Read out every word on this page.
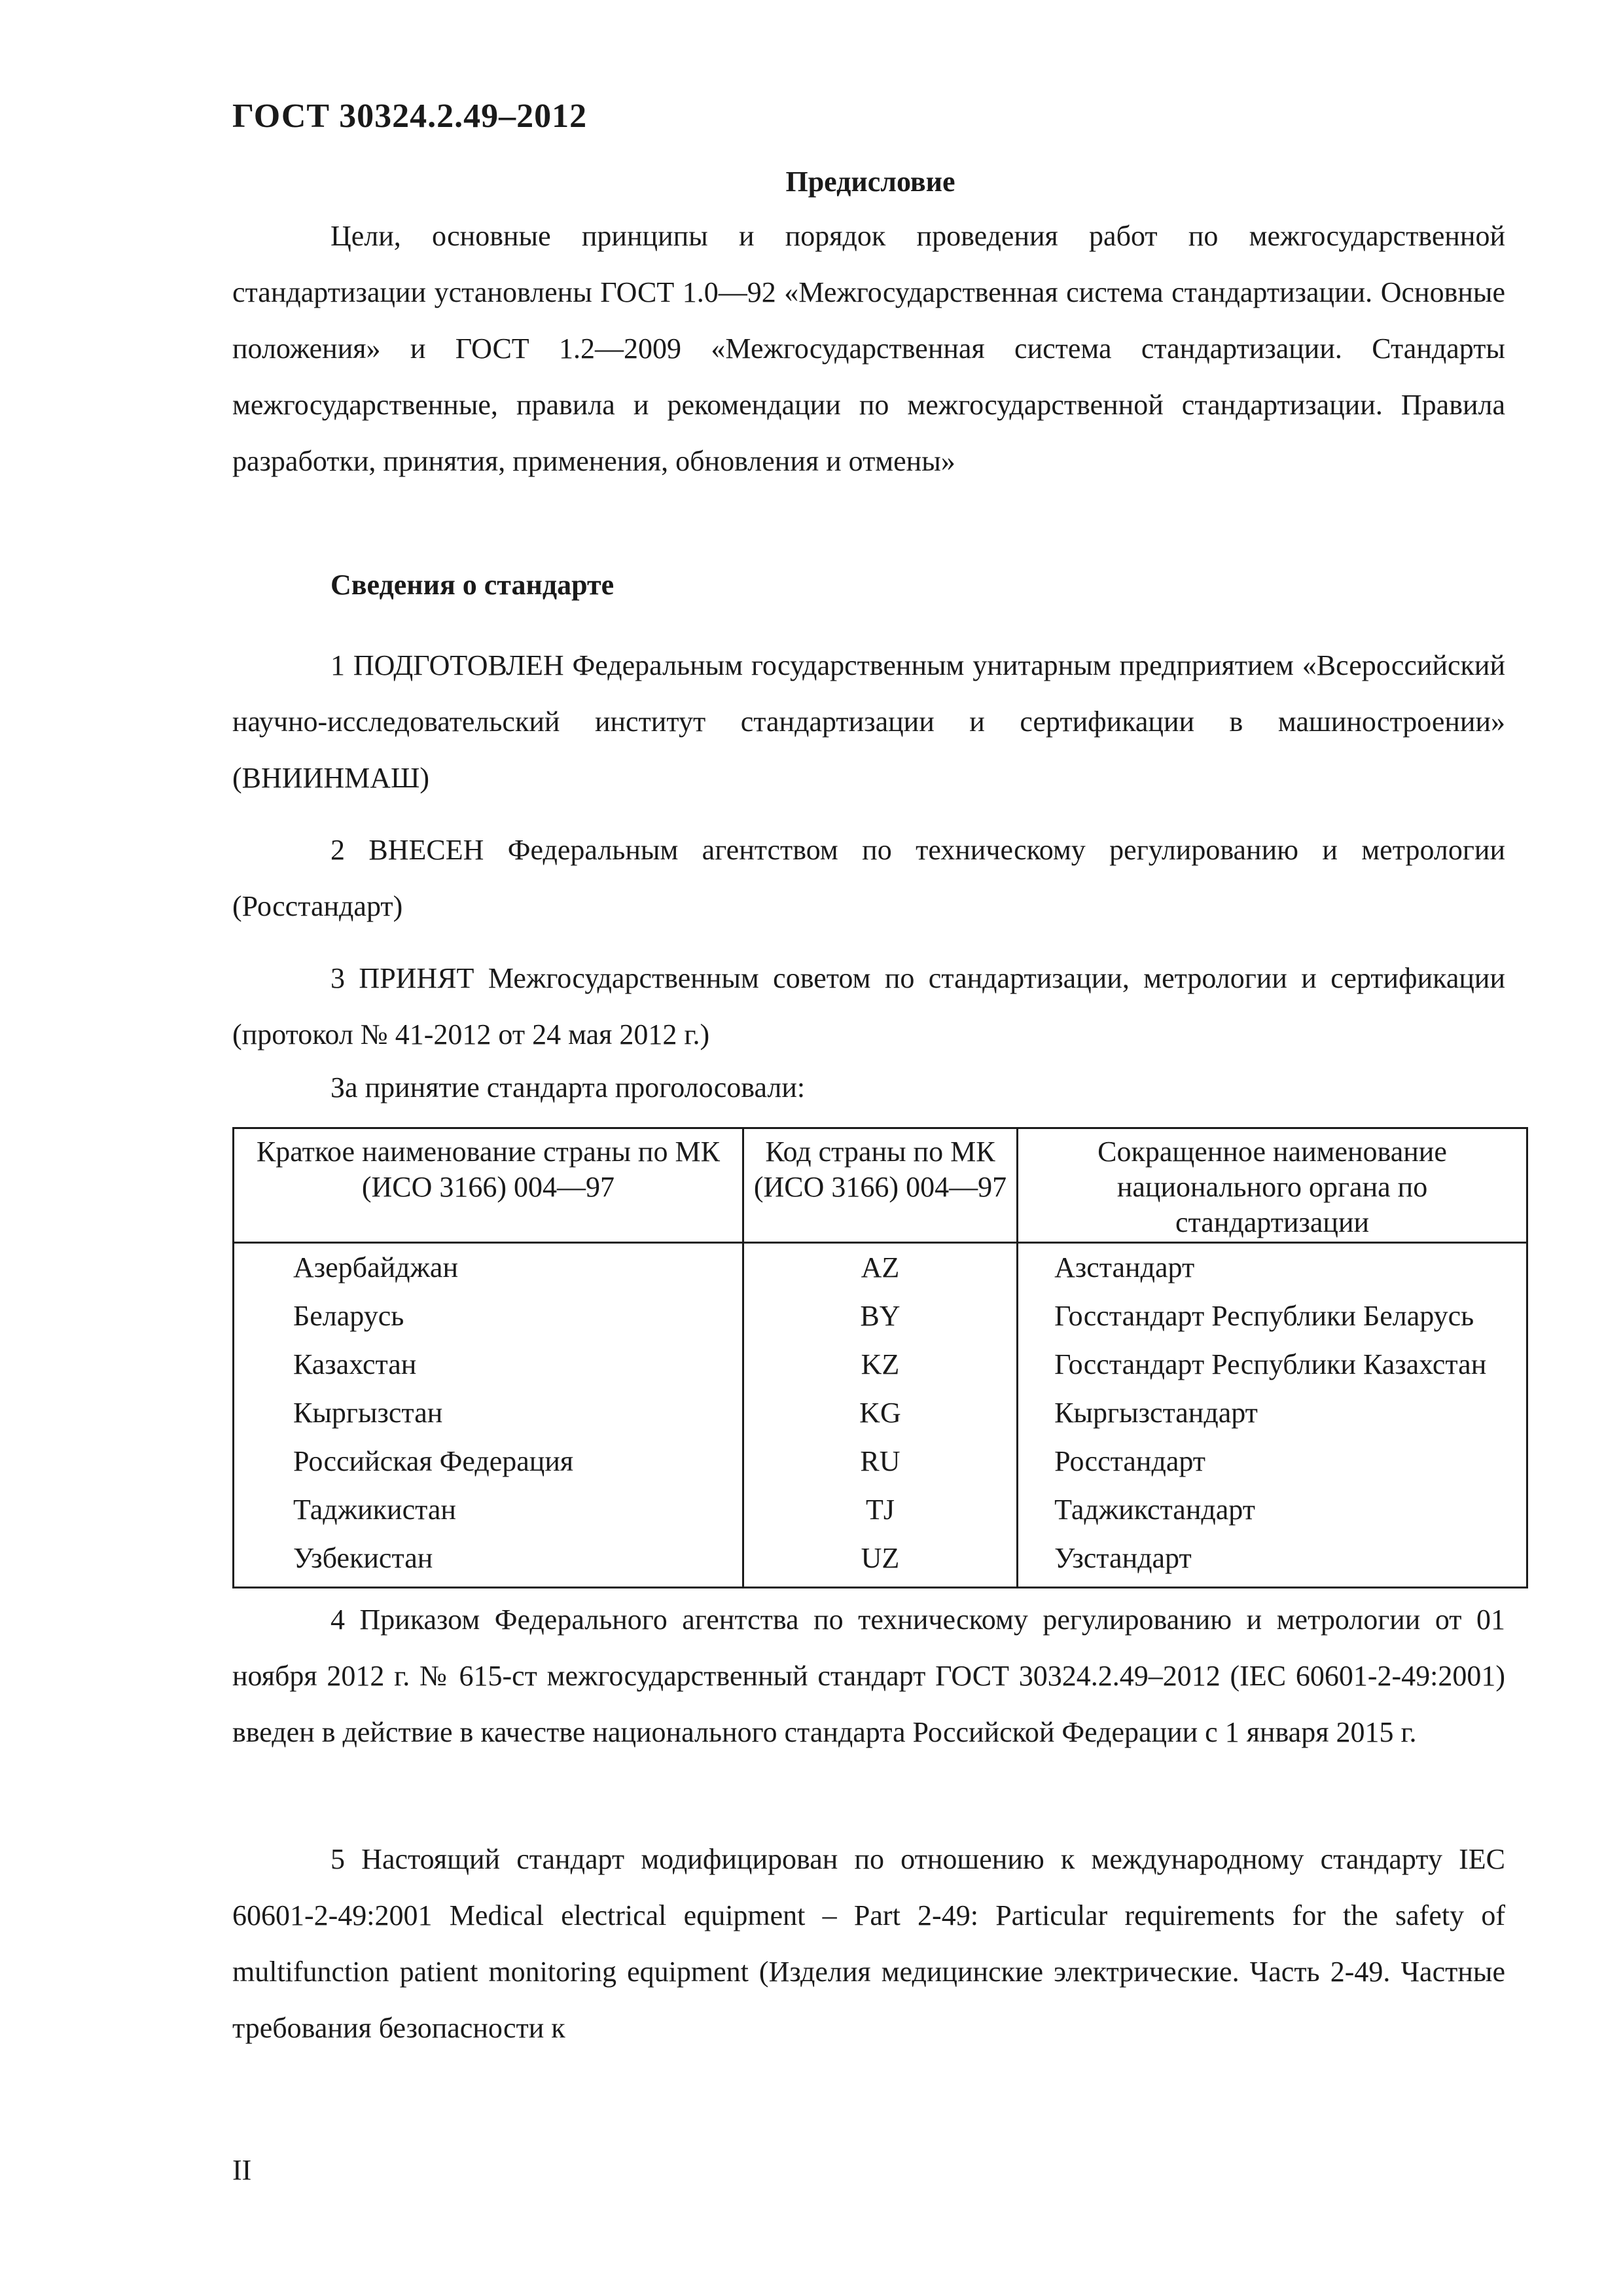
ГОСТ 30324.2.49–2012
Предисловие
Цели, основные принципы и порядок проведения работ по межгосударственной стандартизации установлены ГОСТ 1.0—92 «Межгосударственная система стандартизации. Основные положения» и ГОСТ 1.2—2009 «Межгосударственная система стандартизации. Стандарты межгосударственные, правила и рекомендации по межгосударственной стандартизации. Правила разработки, принятия, применения, обновления и отмены»
Сведения о стандарте
1 ПОДГОТОВЛЕН Федеральным государственным унитарным предприятием «Всероссийский научно-исследовательский институт стандартизации и сертификации в машиностроении» (ВНИИНМАШ)
2 ВНЕСЕН Федеральным агентством по техническому регулированию и метрологии (Росстандарт)
3 ПРИНЯТ Межгосударственным советом по стандартизации, метрологии и сертификации (протокол № 41-2012 от 24 мая 2012 г.)
За принятие стандарта проголосовали:
Краткое наименование страны по МК (ИСО 3166) 004—97	Код страны по МК (ИСО 3166) 004—97	Сокращенное наименование национального органа по стандартизации
Азербайджан	AZ	Азстандарт
Беларусь	BY	Госстандарт Республики Беларусь
Казахстан	KZ	Госстандарт Республики Казахстан
Кыргызстан	KG	Кыргызстандарт
Российская Федерация	RU	Росстандарт
Таджикистан	TJ	Таджикстандарт
Узбекистан	UZ	Узстандарт
4 Приказом Федерального агентства по техническому регулированию и метрологии от 01 ноября 2012 г. № 615-ст межгосударственный стандарт ГОСТ 30324.2.49–2012 (IEC 60601-2-49:2001) введен в действие в качестве национального стандарта Российской Федерации с 1 января 2015 г.
5 Настоящий стандарт модифицирован по отношению к международному стандарту IEC 60601-2-49:2001 Medical electrical equipment – Part 2-49: Particular requirements for the safety of multifunction patient monitoring equipment (Изделия медицинские электрические. Часть 2-49. Частные требования безопасности к
II
